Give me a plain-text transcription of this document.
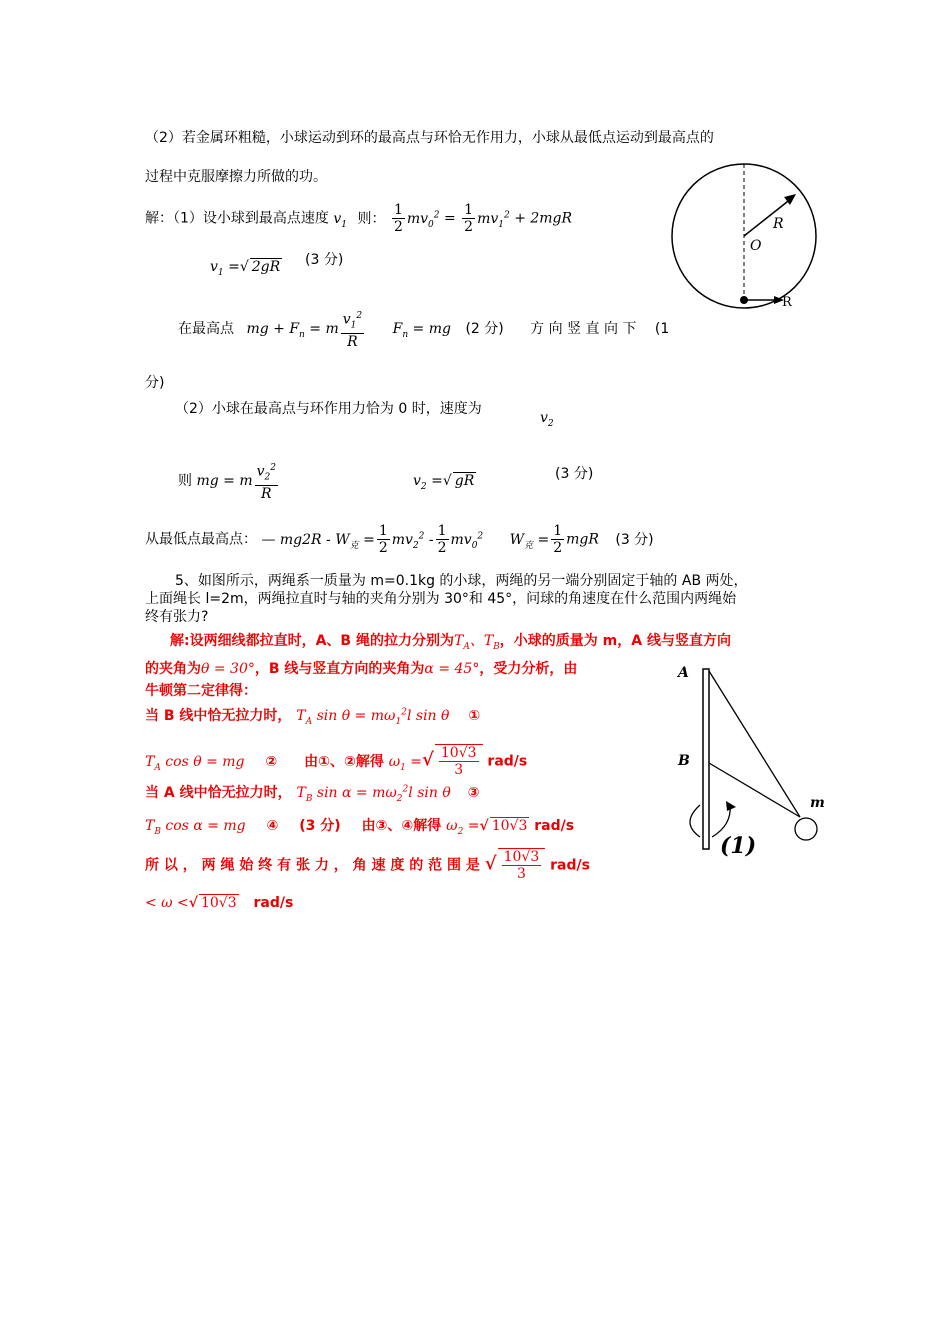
（2）若金属环粗糙，小球运动到环的最高点与环恰无作用力，小球从最低点运动到最高点的
过程中克服摩擦力所做的功。
R
O
R
解：（1）设小球到最高点速度 $v_1$ 则： $\frac{1}{2} mv_0^2 = \frac{1}{2} mv_1^2 + 2mgR$
$v_1$ =√ 2gR (3 分)
在最高点 mg + $F_n = m \frac{v_1^2}{R} F_n$ = mg (2 分) 方 向 竖 直 向 下 (1
分)
（2）小球在最高点与环作用力恰为 0 时，速度为
$v_2$
则 mg = m $\frac{v_2^2}{R}$	$v_2$ =√ gR	(3 分)
从最低点最高点： — $mg2R - W_克 = \frac{1}{2} mv_2^2 - \frac{1}{2} mv_0^2$ $W_克 = \frac{1}{2}$ mgR (3 分)
5、如图所示，两绳系一质量为 m=0.1kg 的小球，两绳的另一端分别固定于轴的 AB 两处，
上面绳长 l=2m，两绳拉直时与轴的夹角分别为 30°和 45°，问球的角速度在什么范围内两绳始
终有张力?
解:设两细线都拉直时，A、B 绳的拉力分别为$T_A$、$T_B$，小球的质量为 m，A 线与竖直方向
的夹角为θ = 30°，B 线与竖直方向的夹角为α = 45°，受力分析，由
牛顿第二定律得：
当 B 线中恰无拉力时， $T_A$ $\sin \theta = m\omega_1^2l$ sin θ ①
$T_A$ cos θ = mg ② 由①、②解得 $\omega_1$ =√ $\frac{10√3}{3} rad/s$
当 A 线中恰无拉力时， $T_B$ $\sin \alpha = m\omega_2^2l$ sin θ ③
$T_B$ cos α = mg ④ (3 分) 由③、④解得 $\omega_2$ =√ 10√3 rad/s
所 以 ， 两 绳 始 终 有 张 力 ， 角 速 度 的 范 围 是 √ $\frac{10√3}{3} rad/s$
< ω <√ 10√3 rad/s
A
B
m
(1)
